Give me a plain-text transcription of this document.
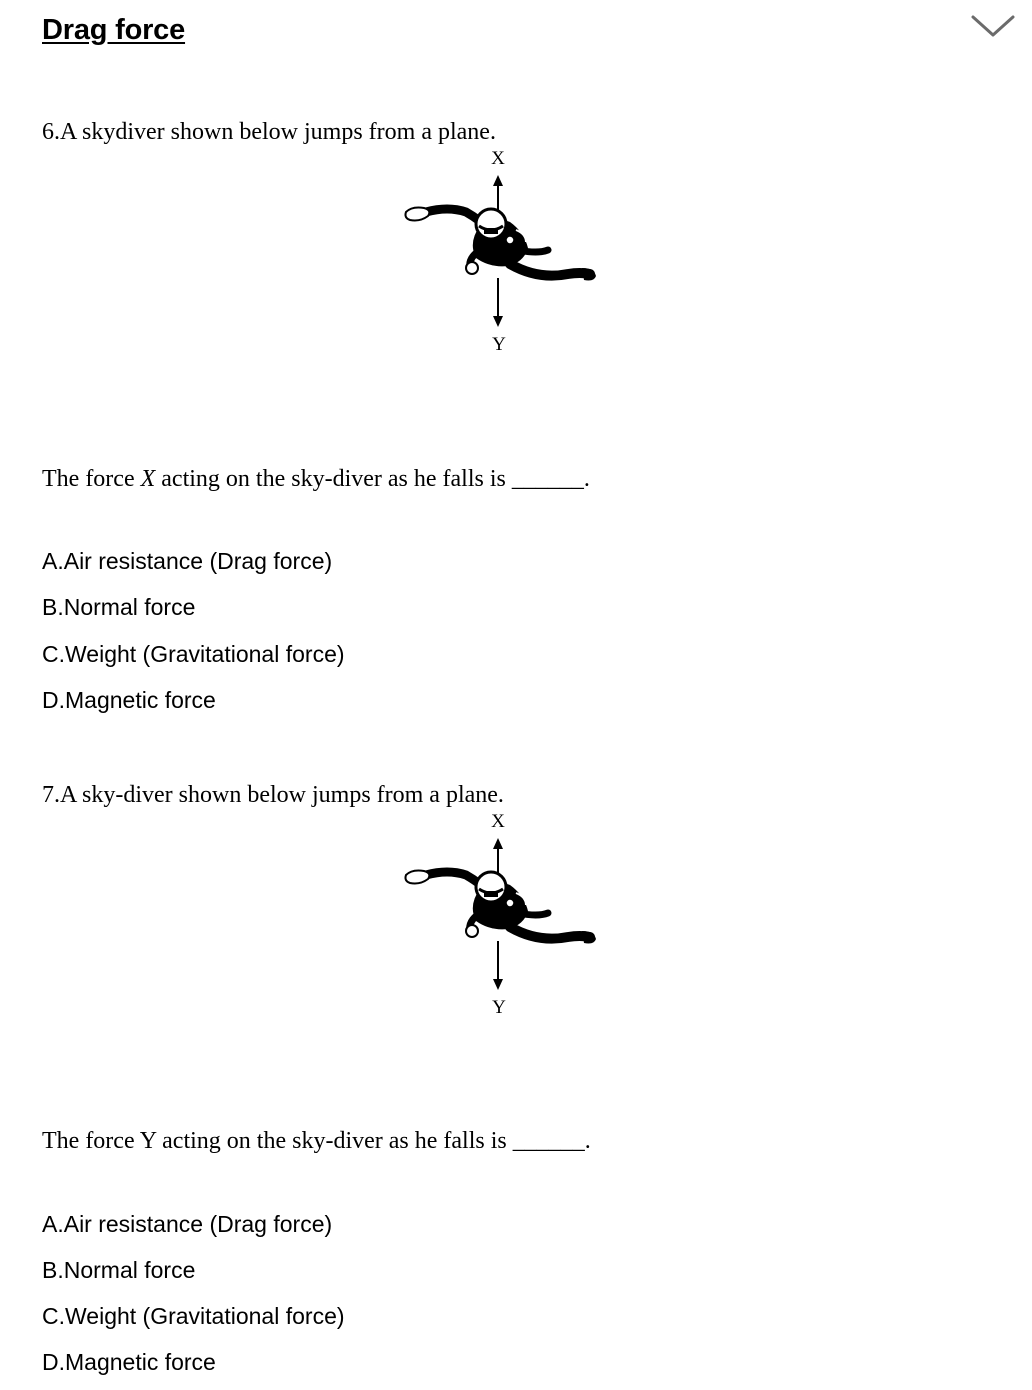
Drag force

6.A skydiver shown below jumps from a plane.

X

Y

The force X acting on the sky-diver as he falls is ______.

A.Air resistance (Drag force)

B.Normal force

C.Weight (Gravitational force)

D.Magnetic force

7.A sky-diver shown below jumps from a plane.

X

Y

The force Y acting on the sky-diver as he falls is ______.

A.Air resistance (Drag force)

B.Normal force

C.Weight (Gravitational force)

D.Magnetic force
